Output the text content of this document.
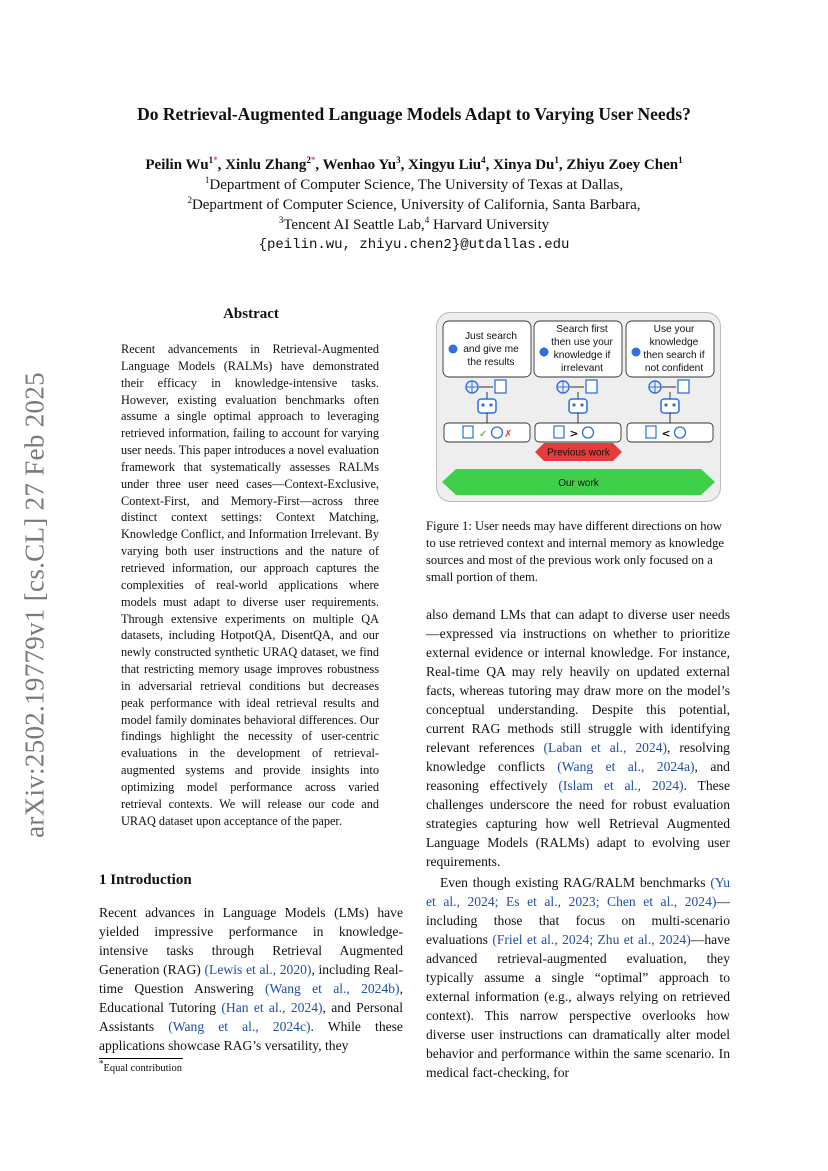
arXiv:2502.19779v1 [cs.CL] 27 Feb 2025
Do Retrieval-Augmented Language Models Adapt to Varying User Needs?
Peilin $Wu^{1*}$, Xinlu Zhang$^{2*}$, Wenhao Yu$^3$, Xingyu Liu$^4$, Xinya Du$^1$, Zhiyu Zoey Chen$^1$
$^1$Department of Computer Science, The University of Texas at Dallas,
$^2$Department of Computer Science, University of California, Santa Barbara,
$^3$Tencent AI Seattle Lab,$^4$ Harvard University
{peilin.wu, zhiyu.chen2}@utdallas.edu
Abstract
Recent advancements in Retrieval-Augmented Language Models (RALMs) have demonstrated their efficacy in knowledge-intensive tasks. However, existing evaluation benchmarks often assume a single optimal approach to leveraging retrieved information, failing to account for varying user needs. This paper introduces a novel evaluation framework that systematically assesses RALMs under three user need cases—Context-Exclusive, Context-First, and Memory-First—across three distinct context settings: Context Matching, Knowledge Conflict, and Information Irrelevant. By varying both user instructions and the nature of retrieved information, our approach captures the complexities of real-world applications where models must adapt to diverse user requirements. Through extensive experiments on multiple QA datasets, including HotpotQA, DisentQA, and our newly constructed synthetic URAQ dataset, we find that restricting memory usage improves robustness in adversarial retrieval conditions but decreases peak performance with ideal retrieval results and model family dominates behavioral differences. Our findings highlight the necessity of user-centric evaluations in the development of retrieval-augmented systems and provide insights into optimizing model performance across varied retrieval contexts. We will release our code and URAQ dataset upon acceptance of the paper.
1 Introduction
Recent advances in Language Models (LMs) have yielded impressive performance in knowledge-intensive tasks through Retrieval Augmented Generation (RAG) (Lewis et al., 2020), including Real-time Question Answering (Wang et al., 2024b), Educational Tutoring (Han et al., 2024), and Personal Assistants (Wang et al., 2024c). While these applications showcase RAG’s versatility, they
*Equal contribution
Just search
and give me
the results
✓ ✗
Search first
then use your
knowledge if
irrelevant
>
Use your
knowledge
then search if
not confident
<
Previous work
Our work
Figure 1: User needs may have different directions on how to use retrieved context and internal memory as knowledge sources and most of the previous work only focused on a small portion of them.
also demand LMs that can adapt to diverse user needs—expressed via instructions on whether to prioritize external evidence or internal knowledge. For instance, Real-time QA may rely heavily on updated external facts, whereas tutoring may draw more on the model’s conceptual understanding. Despite this potential, current RAG methods still struggle with identifying relevant references (Laban et al., 2024), resolving knowledge conflicts (Wang et al., 2024a), and reasoning effectively (Islam et al., 2024). These challenges underscore the need for robust evaluation strategies capturing how well Retrieval Augmented Language Models (RALMs) adapt to evolving user requirements.
Even though existing RAG/RALM benchmarks (Yu et al., 2024; Es et al., 2023; Chen et al., 2024)—including those that focus on multi-scenario evaluations (Friel et al., 2024; Zhu et al., 2024)—have advanced retrieval-augmented evaluation, they typically assume a single “optimal” approach to external information (e.g., always relying on retrieved context). This narrow perspective overlooks how diverse user instructions can dramatically alter model behavior and performance within the same scenario. In medical fact-checking, for
